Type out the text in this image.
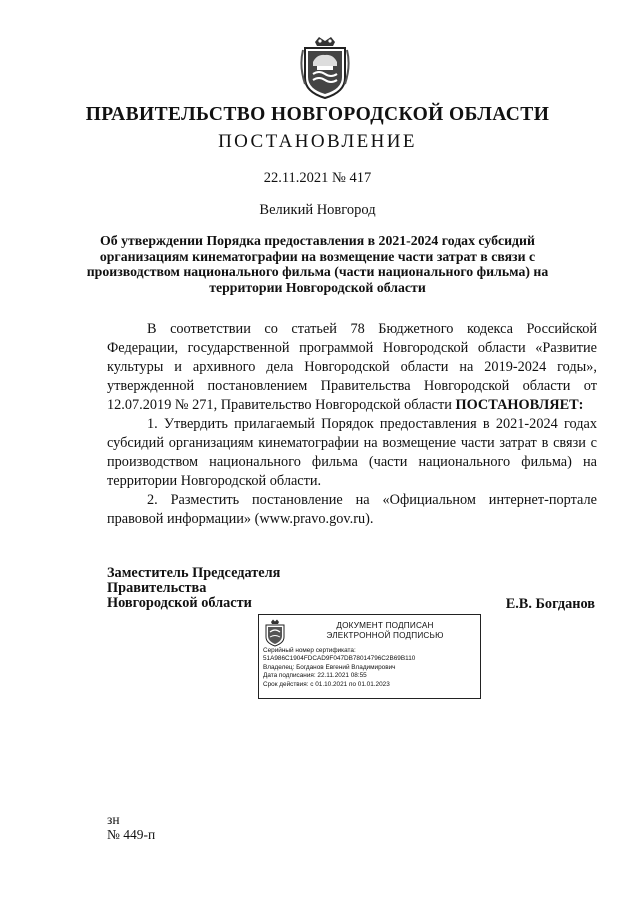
ПРАВИТЕЛЬСТВО НОВГОРОДСКОЙ ОБЛАСТИ
ПОСТАНОВЛЕНИЕ
22.11.2021 № 417
Великий Новгород
Об утверждении Порядка предоставления в 2021-2024 годах субсидий организациям кинематографии на возмещение части затрат в связи с производством национального фильма (части национального фильма) на территории Новгородской области

В соответствии со статьей 78 Бюджетного кодекса Российской Федерации, государственной программой Новгородской области «Развитие культуры и архивного дела Новгородской области на 2019-2024 годы», утвержденной постановлением Правительства Новгородской области от 12.07.2019 № 271, Правительство Новгородской области ПОСТАНОВЛЯЕТ:

1. Утвердить прилагаемый Порядок предоставления в 2021-2024 годах субсидий организациям кинематографии на возмещение части затрат в связи с производством национального фильма (части национального фильма) на территории Новгородской области.

2. Разместить постановление на «Официальном интернет-портале правовой информации» (www.pravo.gov.ru).

Заместитель Председателя
Правительства
Новгородской области	Е.В. Богданов
ДОКУМЕНТ ПОДПИСАН
ЭЛЕКТРОННОЙ ПОДПИСЬЮ
Серийный номер сертификата:
51A986C1904FDCAD9F047DB78014796C2B69B110
Владелец: Богданов Евгений Владимирович
Дата подписания: 22.11.2021 08:55
Срок действия: с 01.10.2021 по 01.01.2023
зн
№ 449-п
